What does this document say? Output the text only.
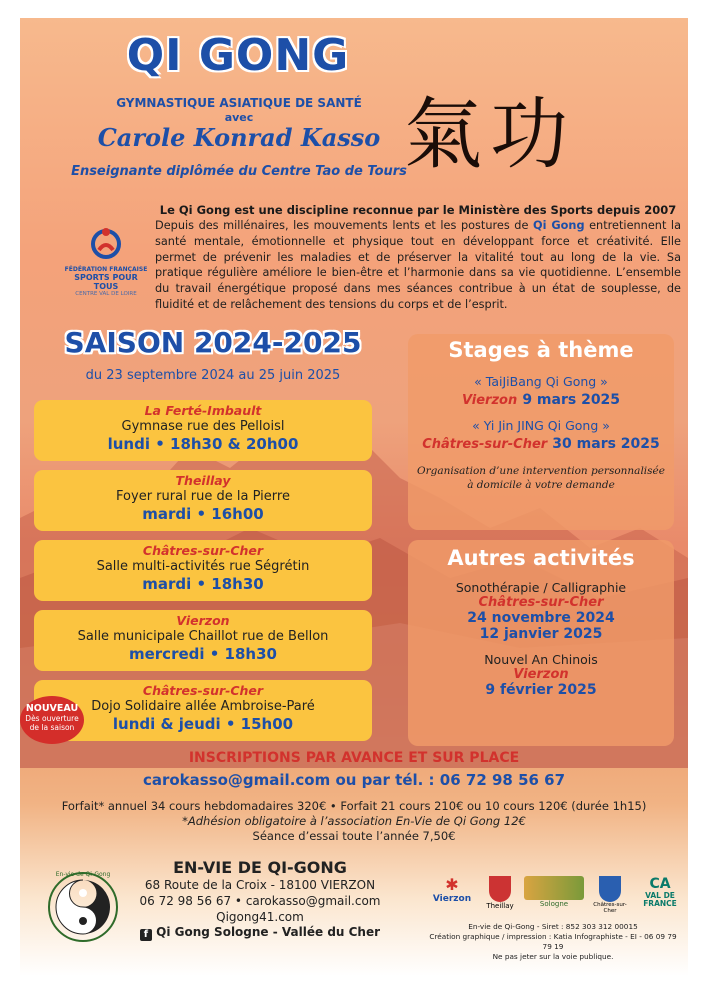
QI GONG
GYMNASTIQUE ASIATIQUE DE SANTÉ
avec
Carole Konrad Kasso
Enseignante diplômée du Centre Tao de Tours
氣功
FÉDÉRATION FRANÇAISE
SPORTS POUR TOUS
CENTRE VAL DE LOIRE
Le Qi Gong est une discipline reconnue par le Ministère des Sports depuis 2007
Depuis des millénaires, les mouvements lents et les postures de Qi Gong entretiennent la santé mentale, émotionnelle et physique tout en développant force et créativité. Elle permet de prévenir les maladies et de préserver la vitalité tout au long de la vie. Sa pratique régulière améliore le bien-être et l’harmonie dans sa vie quotidienne. L’ensemble du travail énergétique proposé dans mes séances contribue à un état de souplesse, de fluidité et de relâchement des tensions du corps et de l’esprit.
SAISON 2024-2025
du 23 septembre 2024 au 25 juin 2025
La Ferté-Imbault
Gymnase rue des Pelloisl
lundi • 18h30 & 20h00
Theillay
Foyer rural rue de la Pierre
mardi • 16h00
Châtres-sur-Cher
Salle multi-activités rue Ségrétin
mardi • 18h30
Vierzon
Salle municipale Chaillot rue de Bellon
mercredi • 18h30
Châtres-sur-Cher
Dojo Solidaire allée Ambroise-Paré
lundi & jeudi • 15h00
NOUVEAU
Dès ouverture
de la saison
Stages à thème
« TaiJiBang Qi Gong »
Vierzon 9 mars 2025
« Yi Jin JING Qi Gong »
Châtres-sur-Cher 30 mars 2025
Organisation d’une intervention personnalisée
à domicile à votre demande
Autres activités
Sonothérapie / Calligraphie
Châtres-sur-Cher
24 novembre 2024
12 janvier 2025
Nouvel An Chinois
Vierzon
9 février 2025
INSCRIPTIONS PAR AVANCE ET SUR PLACE
carokasso@gmail.com ou par tél. : 06 72 98 56 67
Forfait* annuel 34 cours hebdomadaires 320€ • Forfait 21 cours 210€ ou 10 cours 120€ (durée 1h15)
*Adhésion obligatoire à l’association En-Vie de Qi Gong 12€
Séance d’essai toute l’année 7,50€
En-vie de Qi-Gong	EN-VIE DE QI-GONG
68 Route de la Croix - 18100 VIERZON
06 72 98 56 67 • carokasso@gmail.com
Qigong41.com
f Qi Gong Sologne - Vallée du Cher
✱
Vierzon
Theillay	Sologne	Châtres-sur-Cher
CA
VAL DE FRANCE
En-vie de Qi-Gong - Siret : 852 303 312 00015
Création graphique / impression : Katia Infographiste - EI - 06 09 79 79 19
Ne pas jeter sur la voie publique.
